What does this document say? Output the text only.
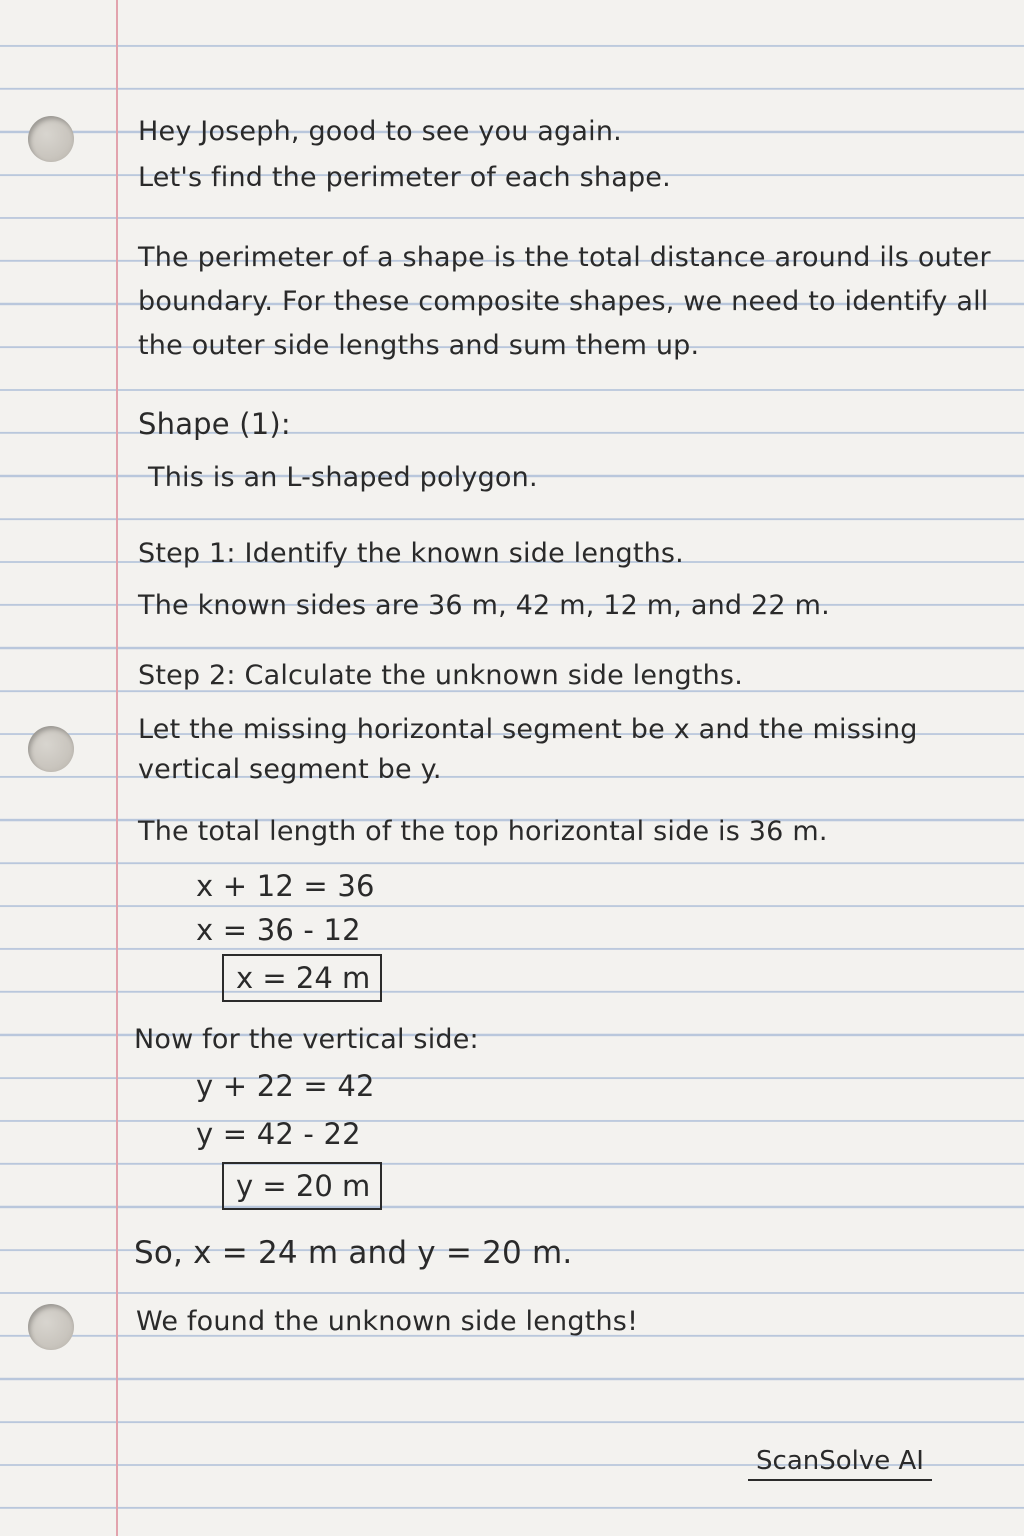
Hey Joseph, good to see you again.
Let's find the perimeter of each shape.
The perimeter of a shape is the total distance around ils outer
boundary. For these composite shapes, we need to identify all
the outer side lengths and sum them up.
Shape (1):
This is an L-shaped polygon.
Step 1: Identify the known side lengths.
The known sides are 36 m, 42 m, 12 m, and 22 m.
Step 2: Calculate the unknown side lengths.
Let the missing horizontal segment be x and the missing
vertical segment be y.
The total length of the top horizontal side is 36 m.
x + 12 = 36
x = 36 - 12
x = 24 m
Now for the vertical side:
y + 22 = 42
y = 42 - 22
y = 20 m
So, x = 24 m and y = 20 m.
We found the unknown side lengths!
ScanSolve AI
